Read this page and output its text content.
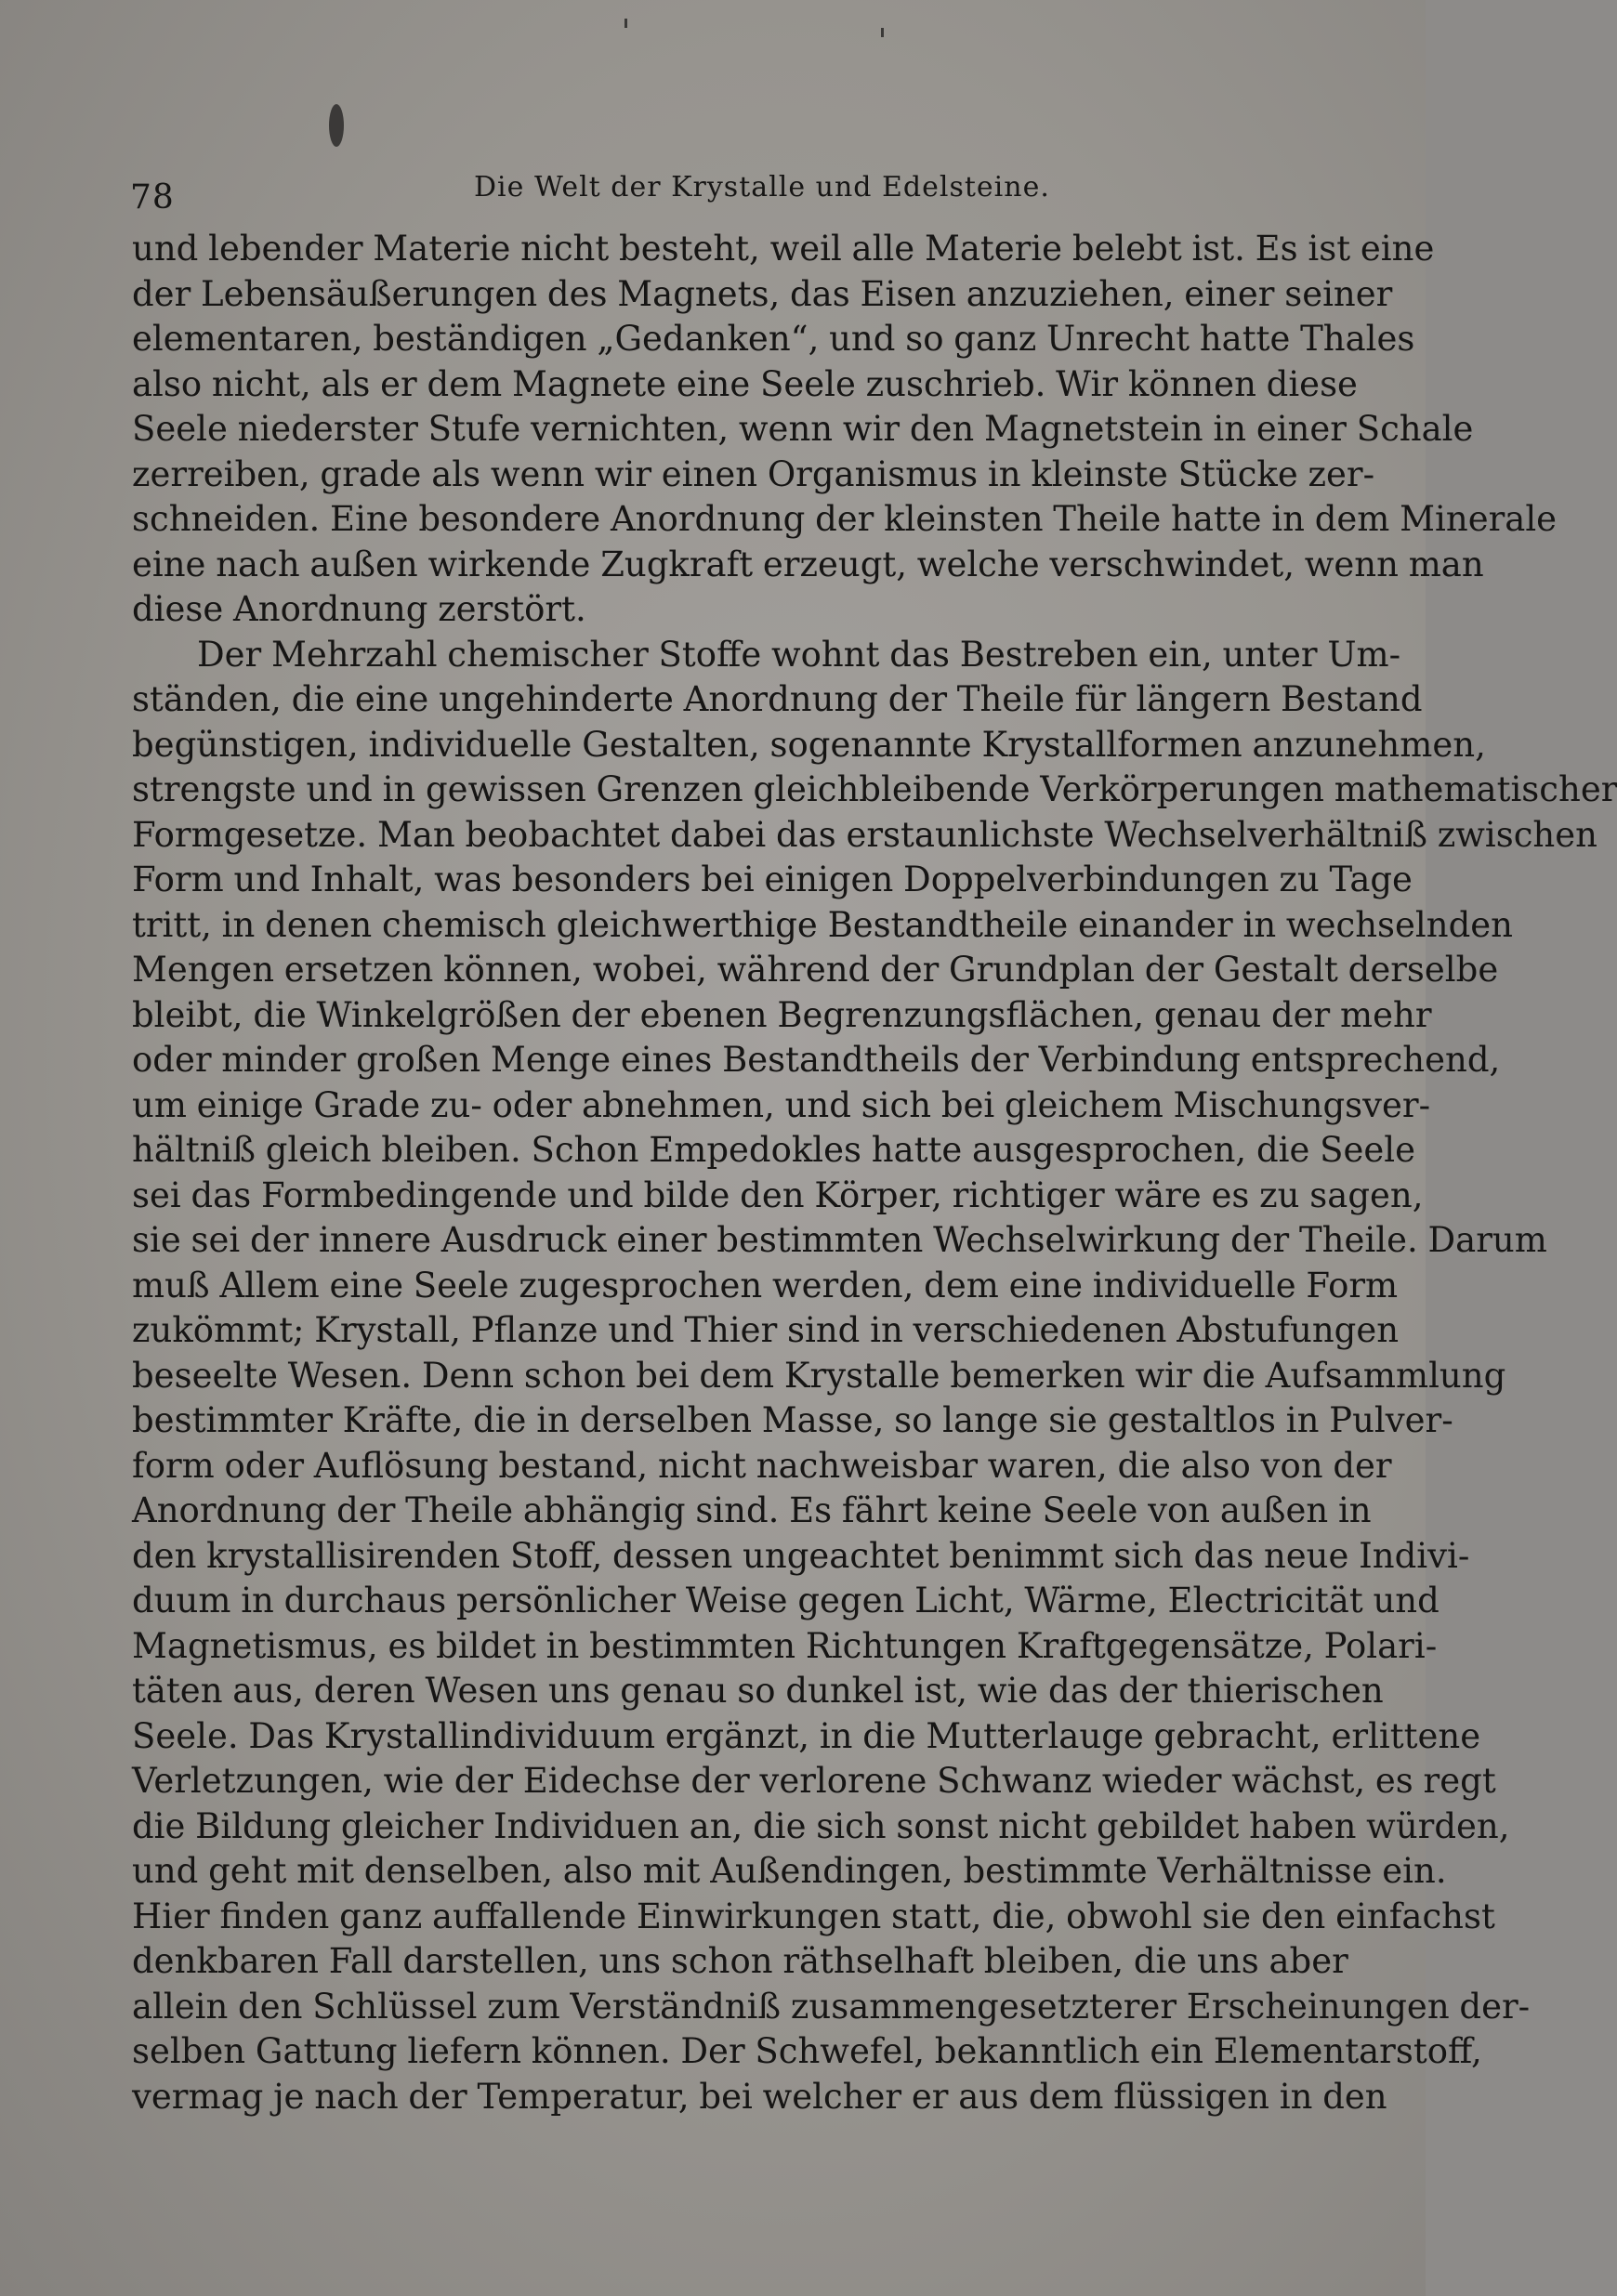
78	Die Welt der Krystalle und Edelsteine.

und lebender Materie nicht besteht, weil alle Materie belebt ist. Es ist eine

der Lebensäußerungen des Magnets, das Eisen anzuziehen, einer seiner

elementaren, beständigen „Gedanken“, und so ganz Unrecht hatte Thales

also nicht, als er dem Magnete eine Seele zuschrieb. Wir können diese

Seele niederster Stufe vernichten, wenn wir den Magnetstein in einer Schale

zerreiben, grade als wenn wir einen Organismus in kleinste Stücke zer-

schneiden. Eine besondere Anordnung der kleinsten Theile hatte in dem Minerale

eine nach außen wirkende Zugkraft erzeugt, welche verschwindet, wenn man

diese Anordnung zerstört.

Der Mehrzahl chemischer Stoffe wohnt das Bestreben ein, unter Um-

ständen, die eine ungehinderte Anordnung der Theile für längern Bestand

begünstigen, individuelle Gestalten, sogenannte Krystallformen anzunehmen,

strengste und in gewissen Grenzen gleichbleibende Verkörperungen mathematischer

Formgesetze. Man beobachtet dabei das erstaunlichste Wechselverhältniß zwischen

Form und Inhalt, was besonders bei einigen Doppelverbindungen zu Tage

tritt, in denen chemisch gleichwerthige Bestandtheile einander in wechselnden

Mengen ersetzen können, wobei, während der Grundplan der Gestalt derselbe

bleibt, die Winkelgrößen der ebenen Begrenzungsflächen, genau der mehr

oder minder großen Menge eines Bestandtheils der Verbindung entsprechend,

um einige Grade zu- oder abnehmen, und sich bei gleichem Mischungsver-

hältniß gleich bleiben. Schon Empedokles hatte ausgesprochen, die Seele

sei das Formbedingende und bilde den Körper, richtiger wäre es zu sagen,

sie sei der innere Ausdruck einer bestimmten Wechselwirkung der Theile. Darum

muß Allem eine Seele zugesprochen werden, dem eine individuelle Form

zukömmt; Krystall, Pflanze und Thier sind in verschiedenen Abstufungen

beseelte Wesen. Denn schon bei dem Krystalle bemerken wir die Aufsammlung

bestimmter Kräfte, die in derselben Masse, so lange sie gestaltlos in Pulver-

form oder Auflösung bestand, nicht nachweisbar waren, die also von der

Anordnung der Theile abhängig sind. Es fährt keine Seele von außen in

den krystallisirenden Stoff, dessen ungeachtet benimmt sich das neue Indivi-

duum in durchaus persönlicher Weise gegen Licht, Wärme, Electricität und

Magnetismus, es bildet in bestimmten Richtungen Kraftgegensätze, Polari-

täten aus, deren Wesen uns genau so dunkel ist, wie das der thierischen

Seele. Das Krystallindividuum ergänzt, in die Mutterlauge gebracht, erlittene

Verletzungen, wie der Eidechse der verlorene Schwanz wieder wächst, es regt

die Bildung gleicher Individuen an, die sich sonst nicht gebildet haben würden,

und geht mit denselben, also mit Außendingen, bestimmte Verhältnisse ein.

Hier finden ganz auffallende Einwirkungen statt, die, obwohl sie den einfachst

denkbaren Fall darstellen, uns schon räthselhaft bleiben, die uns aber

allein den Schlüssel zum Verständniß zusammengesetzterer Erscheinungen der-

selben Gattung liefern können. Der Schwefel, bekanntlich ein Elementarstoff,

vermag je nach der Temperatur, bei welcher er aus dem flüssigen in den
